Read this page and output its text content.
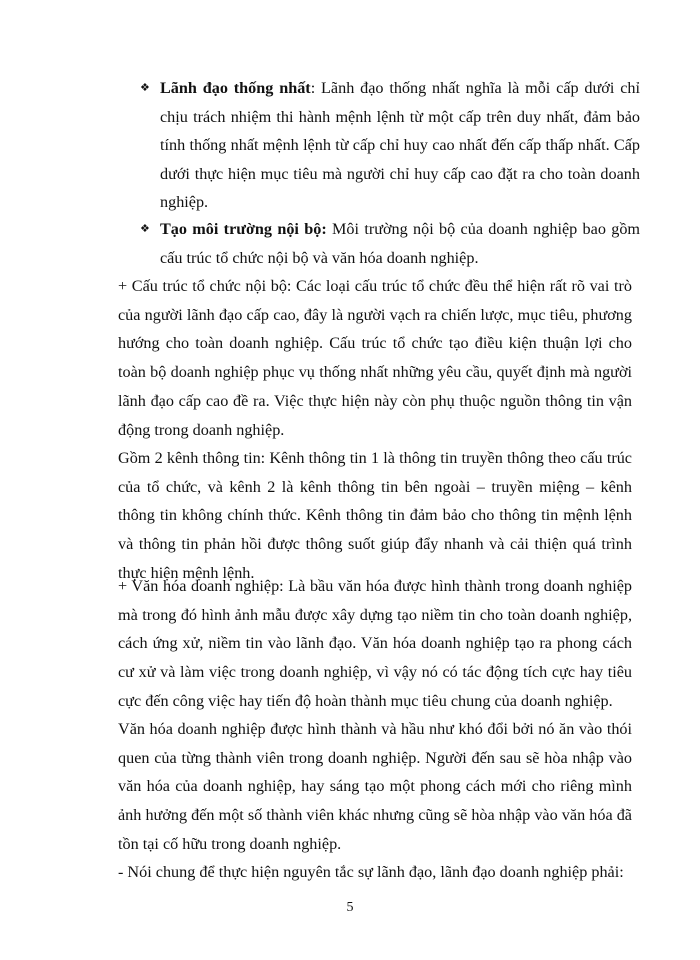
❖ Lãnh đạo thống nhất: Lãnh đạo thống nhất nghĩa là mỗi cấp dưới chỉ chịu trách nhiệm thi hành mệnh lệnh từ một cấp trên duy nhất, đảm bảo tính thống nhất mệnh lệnh từ cấp chỉ huy cao nhất đến cấp thấp nhất. Cấp dưới thực hiện mục tiêu mà người chỉ huy cấp cao đặt ra cho toàn doanh nghiệp.
❖ Tạo môi trường nội bộ: Môi trường nội bộ của doanh nghiệp bao gồm cấu trúc tổ chức nội bộ và văn hóa doanh nghiệp.

+ Cấu trúc tổ chức nội bộ: Các loại cấu trúc tổ chức đều thể hiện rất rõ vai trò của người lãnh đạo cấp cao, đây là người vạch ra chiến lược, mục tiêu, phương hướng cho toàn doanh nghiệp. Cấu trúc tổ chức tạo điều kiện thuận lợi cho toàn bộ doanh nghiệp phục vụ thống nhất những yêu cầu, quyết định mà người lãnh đạo cấp cao đề ra. Việc thực hiện này còn phụ thuộc nguồn thông tin vận động trong doanh nghiệp.

Gồm 2 kênh thông tin: Kênh thông tin 1 là thông tin truyền thông theo cấu trúc của tổ chức, và kênh 2 là kênh thông tin bên ngoài – truyền miệng – kênh thông tin không chính thức. Kênh thông tin đảm bảo cho thông tin mệnh lệnh và thông tin phản hồi được thông suốt giúp đẩy nhanh và cải thiện quá trình thực hiện mệnh lệnh.

+ Văn hóa doanh nghiệp: Là bầu văn hóa được hình thành trong doanh nghiệp mà trong đó hình ảnh mẫu được xây dựng tạo niềm tin cho toàn doanh nghiệp, cách ứng xử, niềm tin vào lãnh đạo. Văn hóa doanh nghiệp tạo ra phong cách cư xử và làm việc trong doanh nghiệp, vì vậy nó có tác động tích cực hay tiêu cực đến công việc hay tiến độ hoàn thành mục tiêu chung của doanh nghiệp.

Văn hóa doanh nghiệp được hình thành và hầu như khó đổi bởi nó ăn vào thói quen của từng thành viên trong doanh nghiệp. Người đến sau sẽ hòa nhập vào văn hóa của doanh nghiệp, hay sáng tạo một phong cách mới cho riêng mình ảnh hưởng đến một số thành viên khác nhưng cũng sẽ hòa nhập vào văn hóa đã tồn tại cố hữu trong doanh nghiệp.

- Nói chung để thực hiện nguyên tắc sự lãnh đạo, lãnh đạo doanh nghiệp phải:

5
